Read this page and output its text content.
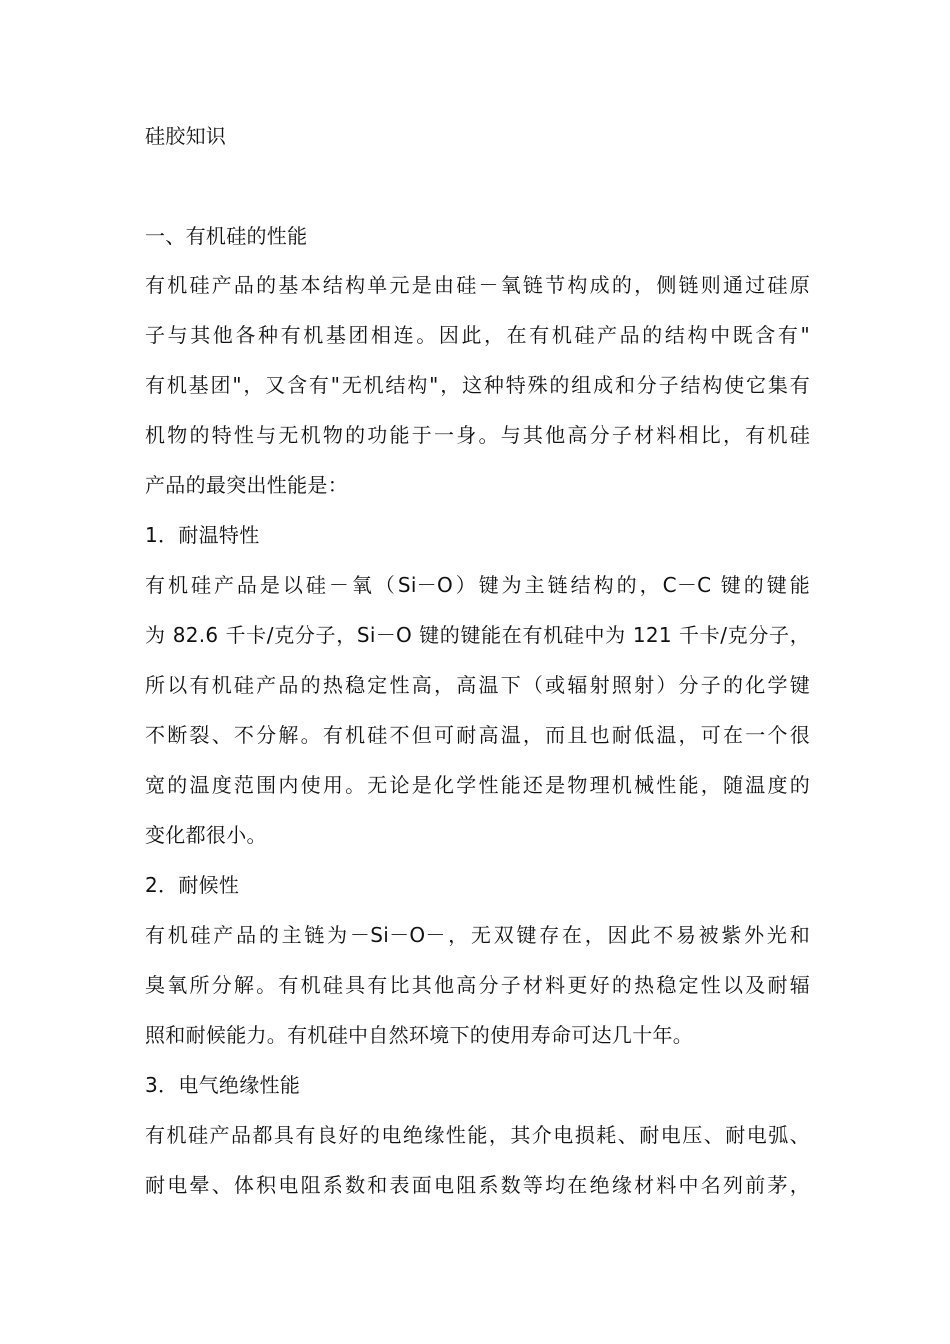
硅胶知识
一、有机硅的性能
有机硅产品的基本结构单元是由硅－氧链节构成的，侧链则通过硅原
子与其他各种有机基团相连。因此，在有机硅产品的结构中既含有"
有机基团"，又含有"无机结构"，这种特殊的组成和分子结构使它集有
机物的特性与无机物的功能于一身。与其他高分子材料相比，有机硅
产品的最突出性能是：
1．耐温特性
有机硅产品是以硅－氧（Si－O）键为主链结构的，C－C 键的键能
为 82.6 千卡/克分子，Si－O 键的键能在有机硅中为 121 千卡/克分子，
所以有机硅产品的热稳定性高，高温下（或辐射照射）分子的化学键
不断裂、不分解。有机硅不但可耐高温，而且也耐低温，可在一个很
宽的温度范围内使用。无论是化学性能还是物理机械性能，随温度的
变化都很小。
2．耐候性
有机硅产品的主链为－Si－O－，无双键存在，因此不易被紫外光和
臭氧所分解。有机硅具有比其他高分子材料更好的热稳定性以及耐辐
照和耐候能力。有机硅中自然环境下的使用寿命可达几十年。
3．电气绝缘性能
有机硅产品都具有良好的电绝缘性能，其介电损耗、耐电压、耐电弧、
耐电晕、体积电阻系数和表面电阻系数等均在绝缘材料中名列前茅，
